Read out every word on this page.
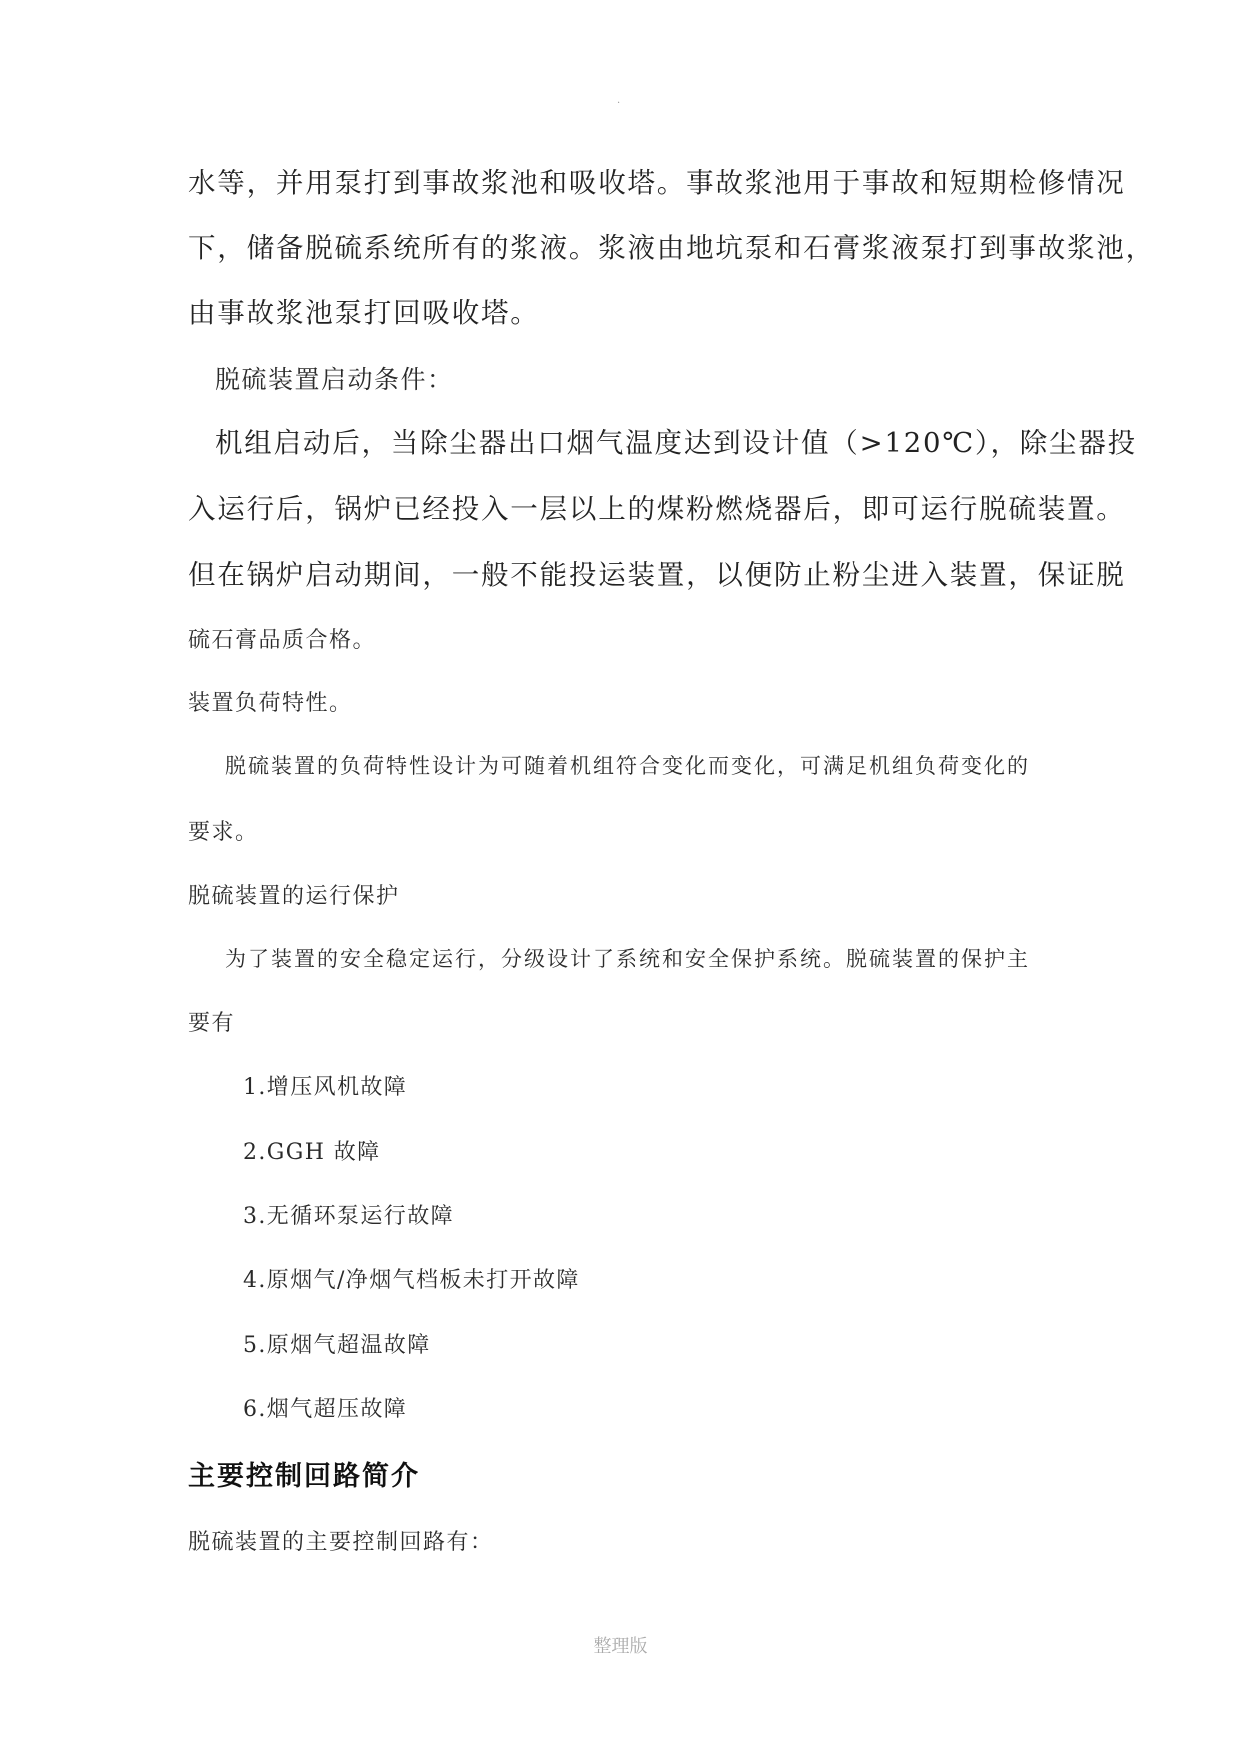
.
水等，并用泵打到事故浆池和吸收塔。事故浆池用于事故和短期检修情况
下，储备脱硫系统所有的浆液。浆液由地坑泵和石膏浆液泵打到事故浆池，
由事故浆池泵打回吸收塔。
脱硫装置启动条件：
机组启动后，当除尘器出口烟气温度达到设计值（>120℃），除尘器投
入运行后，锅炉已经投入一层以上的煤粉燃烧器后，即可运行脱硫装置。
但在锅炉启动期间，一般不能投运装置，以便防止粉尘进入装置，保证脱
硫石膏品质合格。
装置负荷特性。
脱硫装置的负荷特性设计为可随着机组符合变化而变化，可满足机组负荷变化的
要求。
脱硫装置的运行保护
为了装置的安全稳定运行，分级设计了系统和安全保护系统。脱硫装置的保护主
要有
1.增压风机故障
2.GGH 故障
3.无循环泵运行故障
4.原烟气/净烟气档板未打开故障
5.原烟气超温故障
6.烟气超压故障
主要控制回路简介
脱硫装置的主要控制回路有：
整理版
